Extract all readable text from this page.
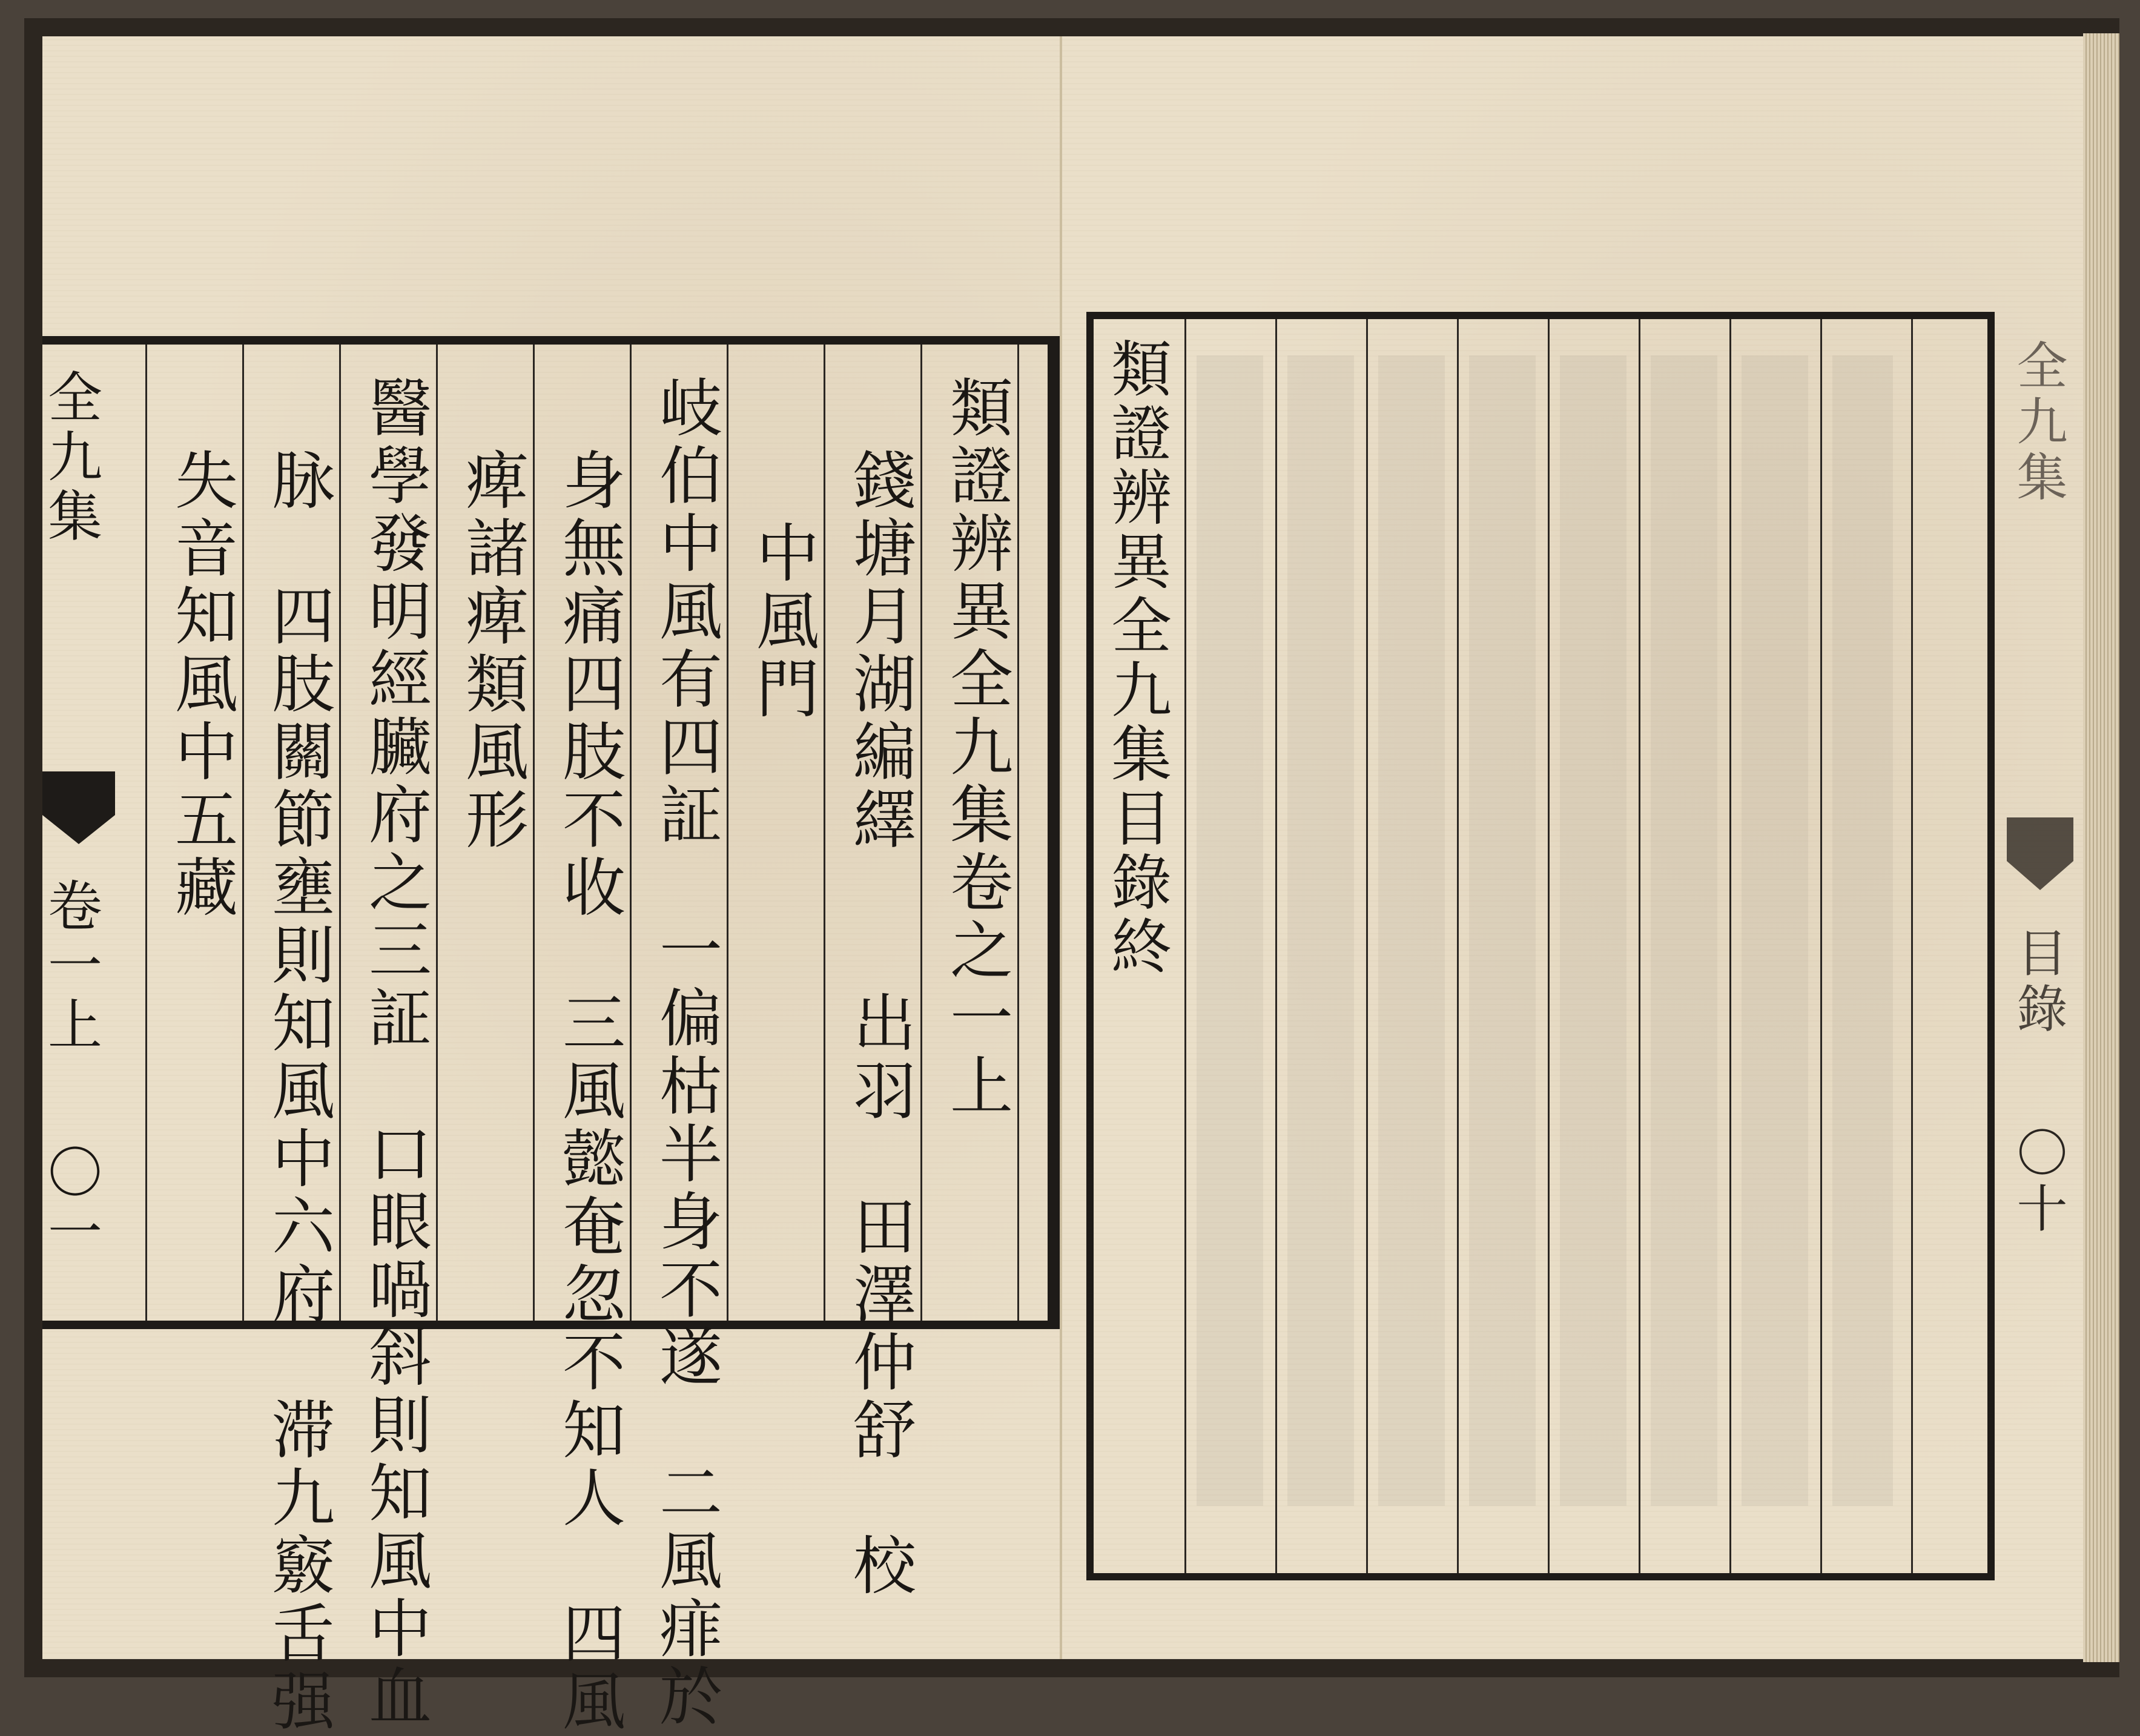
全九集
卷一上
〇一
類證辨異全九集卷之一上
錢塘月湖編繹　　出羽　田澤仲舒　校
中風門
岐伯中風有四証　一偏枯半身不遂　二風痱於
身無痛四肢不收　三風懿奄忽不知人　四風
痺諸痺類風形
醫學發明經臟府之三証　口眼喎斜則知風中血
脉　四肢關節壅則知風中六府　滞九竅舌强
失音知風中五藏	類證辨異全九集目錄終	全九集
目錄
〇十
